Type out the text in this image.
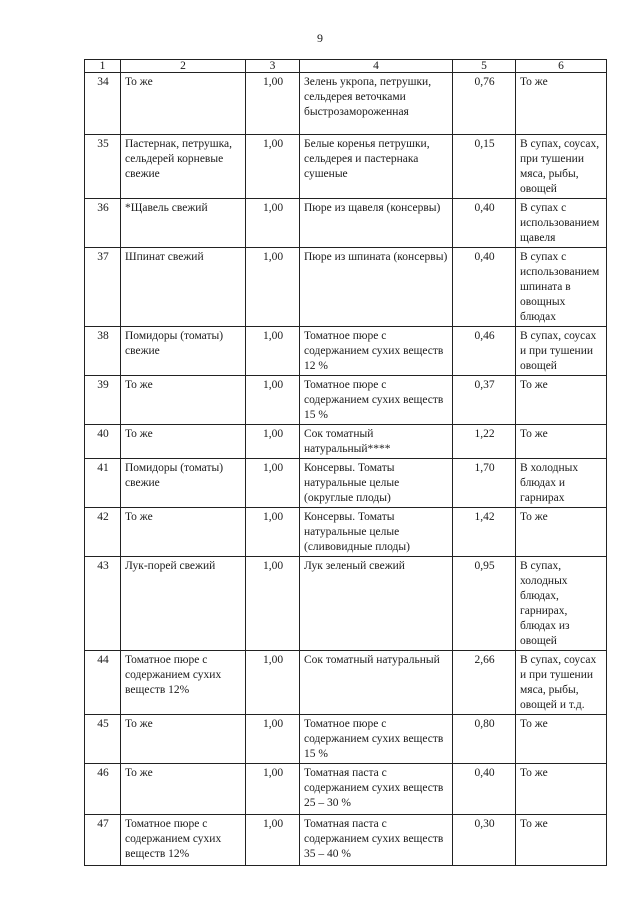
9
1	2	3	4	5	6
34	То же	1,00	Зелень укропа, петрушки, сельдерея веточками быстрозамороженная	0,76	То же
35	Пастернак, петрушка, сельдерей корневые свежие	1,00	Белые коренья петрушки, сельдерея и пастернака сушеные	0,15	В супах, соусах, при тушении мяса, рыбы, овощей
36	*Щавель свежий	1,00	Пюре из щавеля (консервы)	0,40	В супах с использованием щавеля
37	Шпинат свежий	1,00	Пюре из шпината (консервы)	0,40	В супах с использованием шпината в овощных блюдах
38	Помидоры (томаты) свежие	1,00	Томатное пюре с содержанием сухих веществ 12 %	0,46	В супах, соусах и при тушении овощей
39	То же	1,00	Томатное пюре с содержанием сухих веществ 15 %	0,37	То же
40	То же	1,00	Сок томатный натуральный****	1,22	То же
41	Помидоры (томаты) свежие	1,00	Консервы. Томаты натуральные целые (округлые плоды)	1,70	В холодных блюдах и гарнирах
42	То же	1,00	Консервы. Томаты натуральные целые (сливовидные плоды)	1,42	То же
43	Лук-порей свежий	1,00	Лук зеленый свежий	0,95	В супах, холодных блюдах, гарнирах, блюдах из овощей
44	Томатное пюре с содержанием сухих веществ 12%	1,00	Сок томатный натуральный	2,66	В супах, соусах и при тушении мяса, рыбы, овощей и т.д.
45	То же	1,00	Томатное пюре с содержанием сухих веществ 15 %	0,80	То же
46	То же	1,00	Томатная паста с содержанием сухих веществ 25 – 30 %	0,40	То же
47	Томатное пюре с содержанием сухих веществ 12%	1,00	Томатная паста с содержанием сухих веществ 35 – 40 %	0,30	То же
